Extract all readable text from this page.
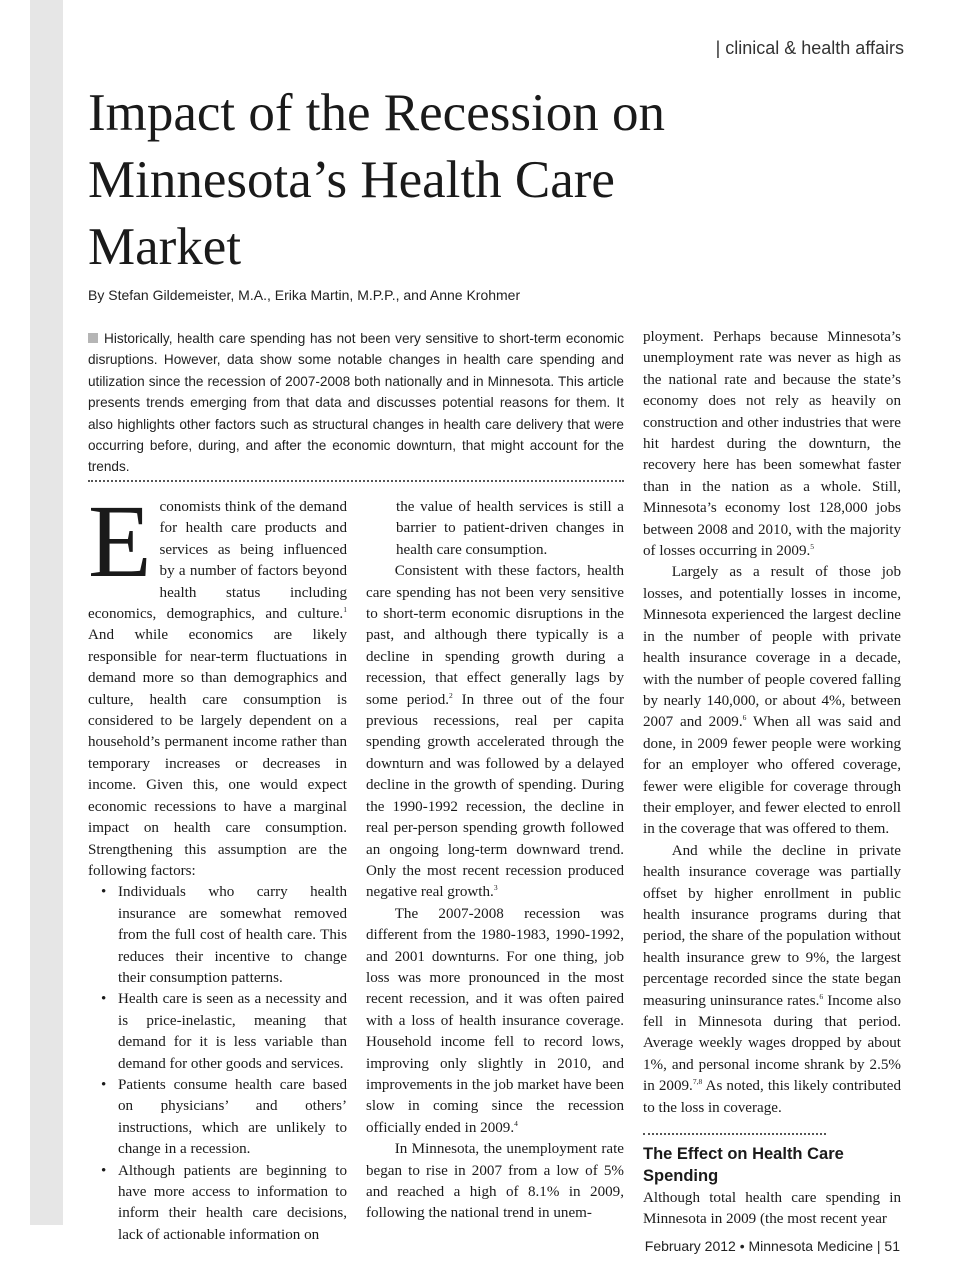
| clinical & health affairs
Impact of the Recession on Minnesota’s Health Care Market
By Stefan Gildemeister, M.A., Erika Martin, M.P.P., and Anne Krohmer

Historically, health care spending has not been very sensitive to short-term economic disruptions. However, data show some notable changes in health care spending and utilization since the recession of 2007-2008 both nationally and in Minnesota. This article presents trends emerging from that data and discusses potential reasons for them. It also highlights other factors such as structural changes in health care delivery that were occurring before, during, and after the economic downturn, that might account for the trends.

Economists think of the demand for health care products and services as being influenced by a number of factors beyond health status including economics, demographics, and culture.$^1$ And while economics are likely responsible for near-term fluctuations in demand more so than demographics and culture, health care consumption is considered to be largely dependent on a household’s permanent income rather than temporary increases or decreases in income. Given this, one would expect economic recessions to have a marginal impact on health care consumption. Strengthening this assumption are the following factors:

• Individuals who carry health insurance are somewhat removed from the full cost of health care. This reduces their incentive to change their consumption patterns.
• Health care is seen as a necessity and is price-inelastic, meaning that demand for it is less variable than demand for other goods and services.
• Patients consume health care based on physicians’ and others’ instructions, which are unlikely to change in a recession.
• Although patients are beginning to have more access to information to inform their health care decisions, lack of actionable information on

the value of health services is still a barrier to patient-driven changes in health care consumption.

Consistent with these factors, health care spending has not been very sensitive to short-term economic disruptions in the past, and although there typically is a decline in spending growth during a recession, that effect generally lags by some period.$^2$ In three out of the four previous recessions, real per capita spending growth accelerated through the downturn and was followed by a delayed decline in the growth of spending. During the 1990-1992 recession, the decline in real per-person spending growth followed an ongoing long-term downward trend. Only the most recent recession produced negative real growth.$^3$

The 2007-2008 recession was different from the 1980-1983, 1990-1992, and 2001 downturns. For one thing, job loss was more pronounced in the most recent recession, and it was often paired with a loss of health insurance coverage. Household income fell to record lows, improving only slightly in 2010, and improvements in the job market have been slow in coming since the recession officially ended in 2009.$^4$

In Minnesota, the unemployment rate began to rise in 2007 from a low of 5% and reached a high of 8.1% in 2009, following the national trend in unem-

ployment. Perhaps because Minnesota’s unemployment rate was never as high as the national rate and because the state’s economy does not rely as heavily on construction and other industries that were hit hardest during the downturn, the recovery here has been somewhat faster than in the nation as a whole. Still, Minnesota’s economy lost 128,000 jobs between 2008 and 2010, with the majority of losses occurring in 2009.$^5$

Largely as a result of those job losses, and potentially losses in income, Minnesota experienced the largest decline in the number of people with private health insurance coverage in a decade, with the number of people covered falling by nearly 140,000, or about 4%, between 2007 and 2009.$^6$ When all was said and done, in 2009 fewer people were working for an employer who offered coverage, fewer were eligible for coverage through their employer, and fewer elected to enroll in the coverage that was offered to them.

And while the decline in private health insurance coverage was partially offset by higher enrollment in public health insurance programs during that period, the share of the population without health insurance grew to 9%, the largest percentage recorded since the state began measuring uninsurance rates.$^6$ Income also fell in Minnesota during that period. Average weekly wages dropped by about 1%, and personal income shrank by 2.5% in 2009.$^{7,8}$ As noted, this likely contributed to the loss in coverage.

The Effect on Health Care Spending

Although total health care spending in Minnesota in 2009 (the most recent year

February 2012 • Minnesota Medicine | 51
